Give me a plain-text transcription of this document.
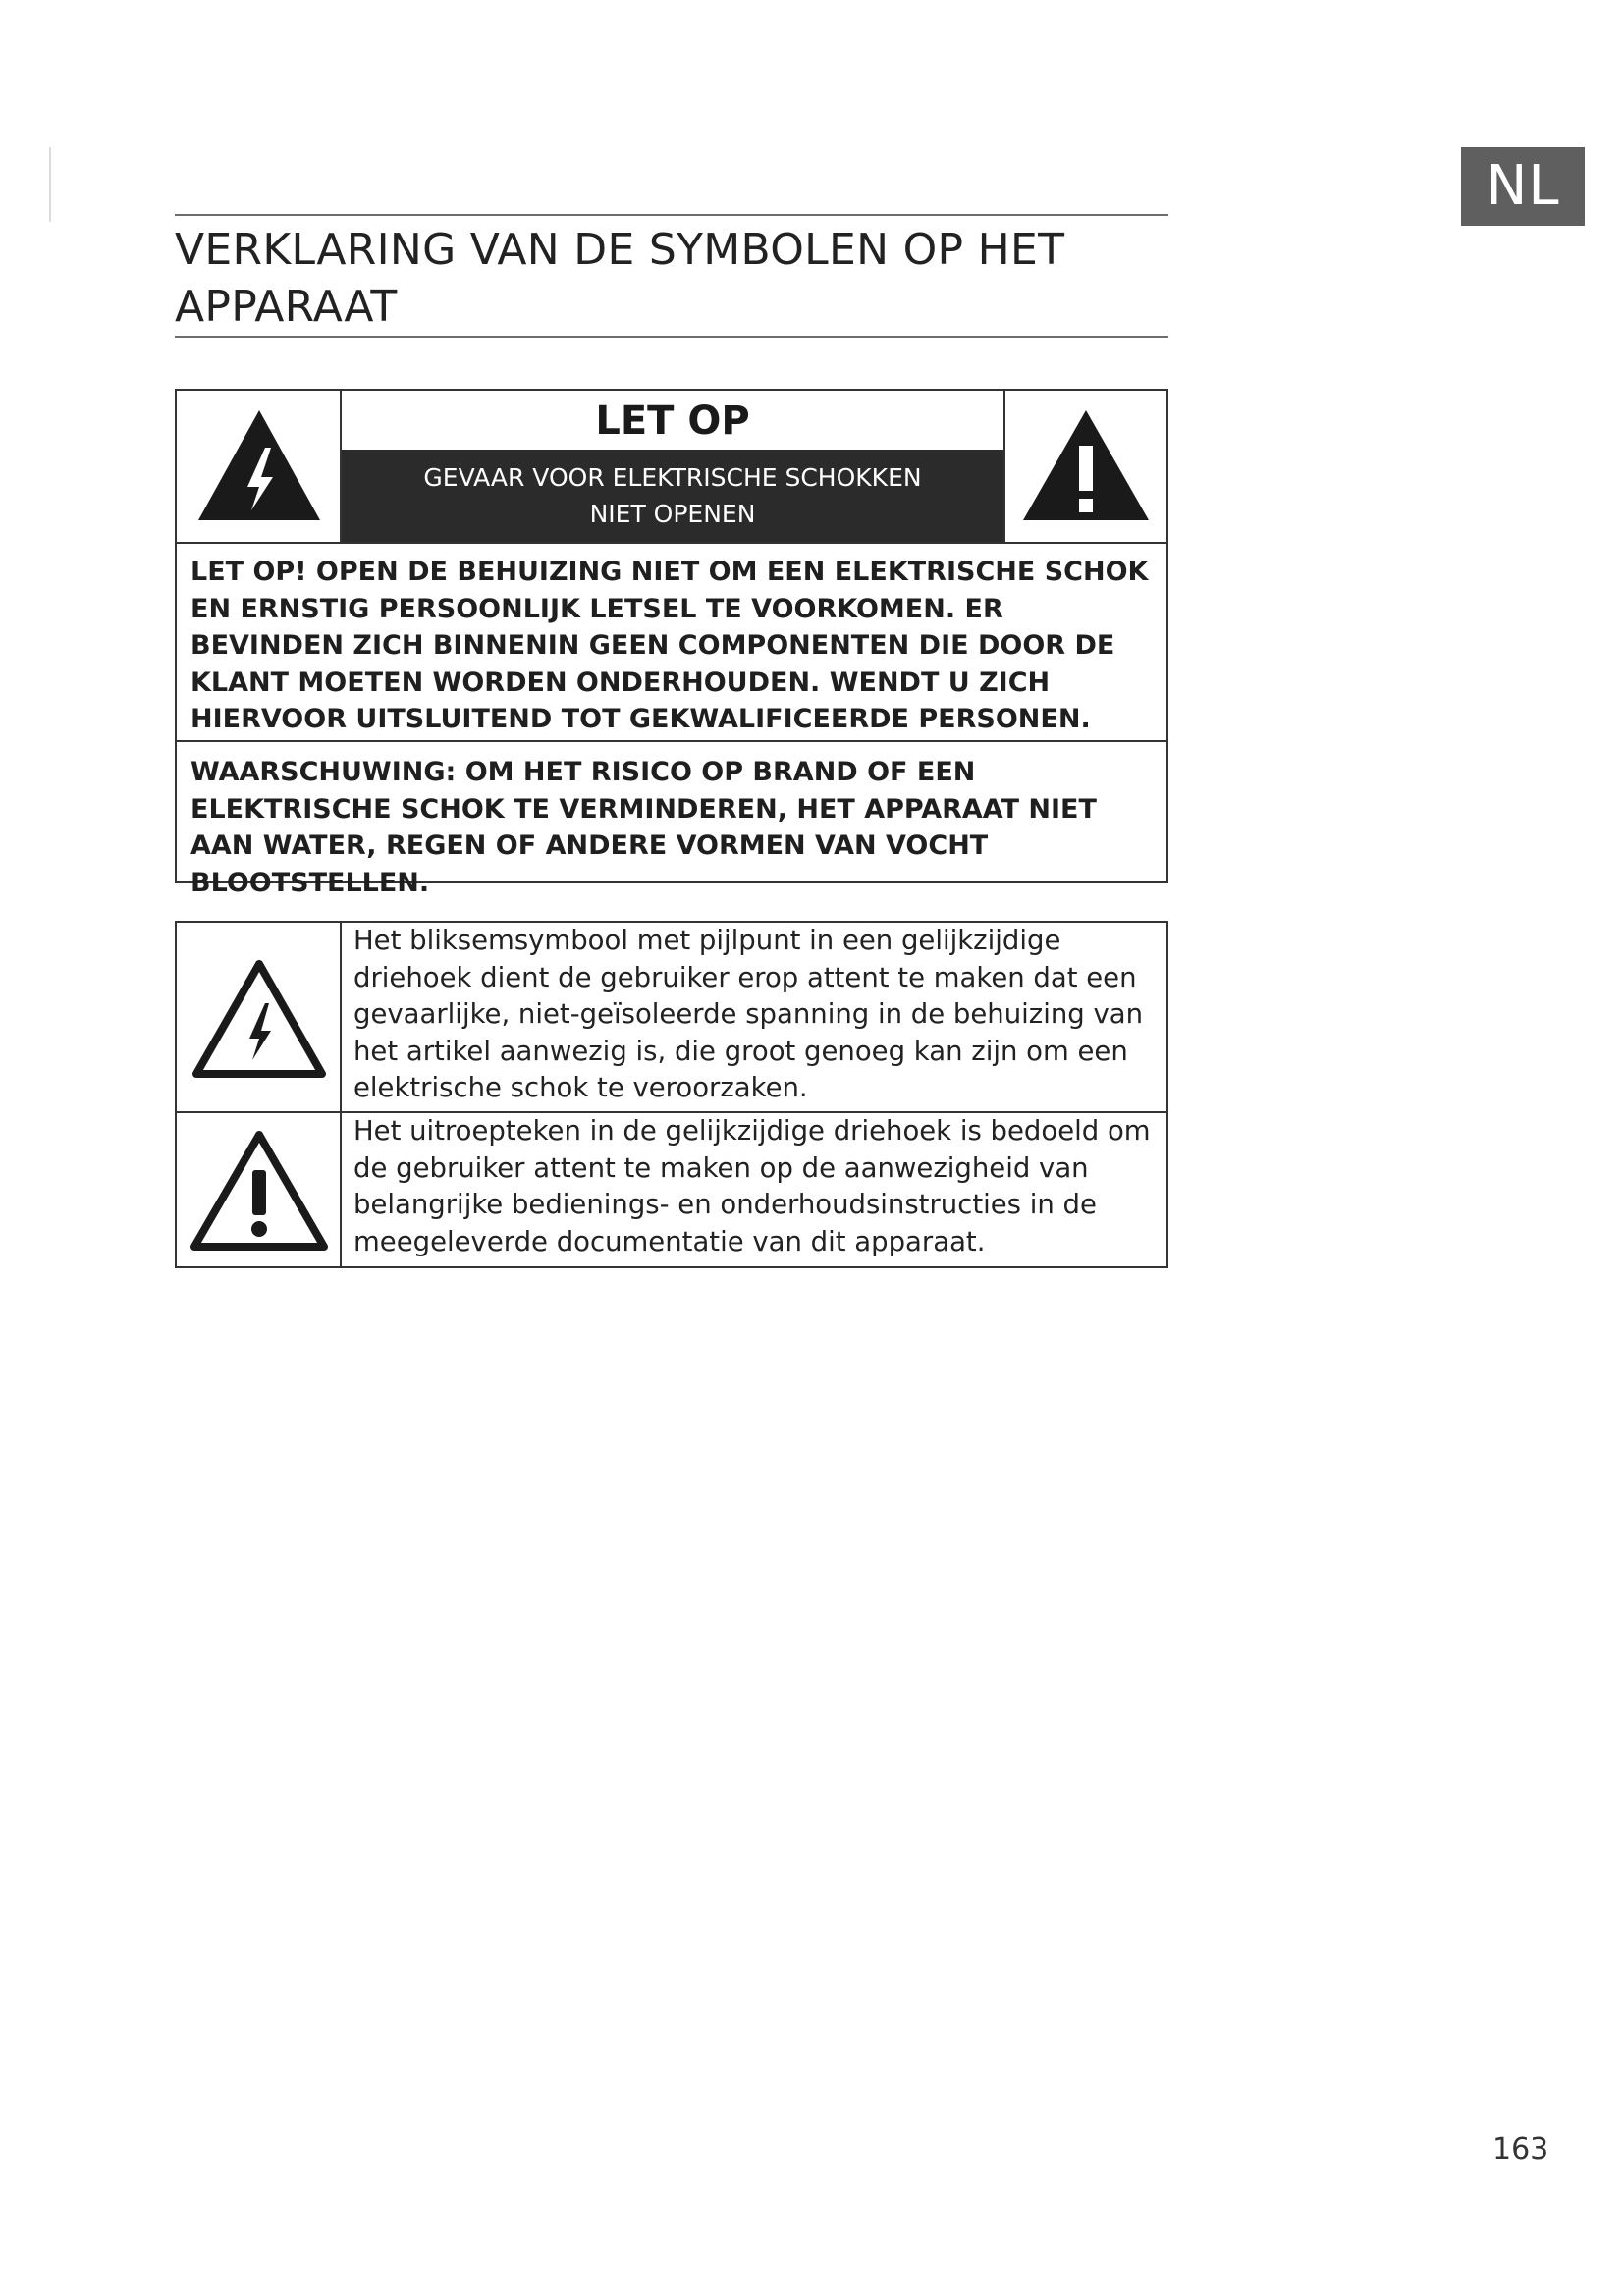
NL
VERKLARING VAN DE SYMBOLEN OP HET APPARAAT
LET OP
GEVAAR VOOR ELEKTRISCHE SCHOKKEN
NIET OPENEN
LET OP! OPEN DE BEHUIZING NIET OM EEN ELEKTRISCHE SCHOK EN ERNSTIG PERSOONLIJK LETSEL TE VOORKOMEN. ER BEVINDEN ZICH BINNENIN GEEN COMPONENTEN DIE DOOR DE KLANT MOETEN WORDEN ONDERHOUDEN. WENDT U ZICH HIERVOOR UITSLUITEND TOT GEKWALIFICEERDE PERSONEN.
WAARSCHUWING: OM HET RISICO OP BRAND OF EEN ELEKTRISCHE SCHOK TE VERMINDEREN, HET APPARAAT NIET AAN WATER, REGEN OF ANDERE VORMEN VAN VOCHT BLOOTSTELLEN.
Het bliksemsymbool met pijlpunt in een gelijkzijdige driehoek dient de gebruiker erop attent te maken dat een gevaarlijke, niet-geïsoleerde spanning in de behuizing van het artikel aanwezig is, die groot genoeg kan zijn om een elektrische schok te veroorzaken.
Het uitroepteken in de gelijkzijdige driehoek is bedoeld om de gebruiker attent te maken op de aanwezigheid van belangrijke bedienings- en onderhoudsinstructies in de meegeleverde documentatie van dit apparaat.
163
